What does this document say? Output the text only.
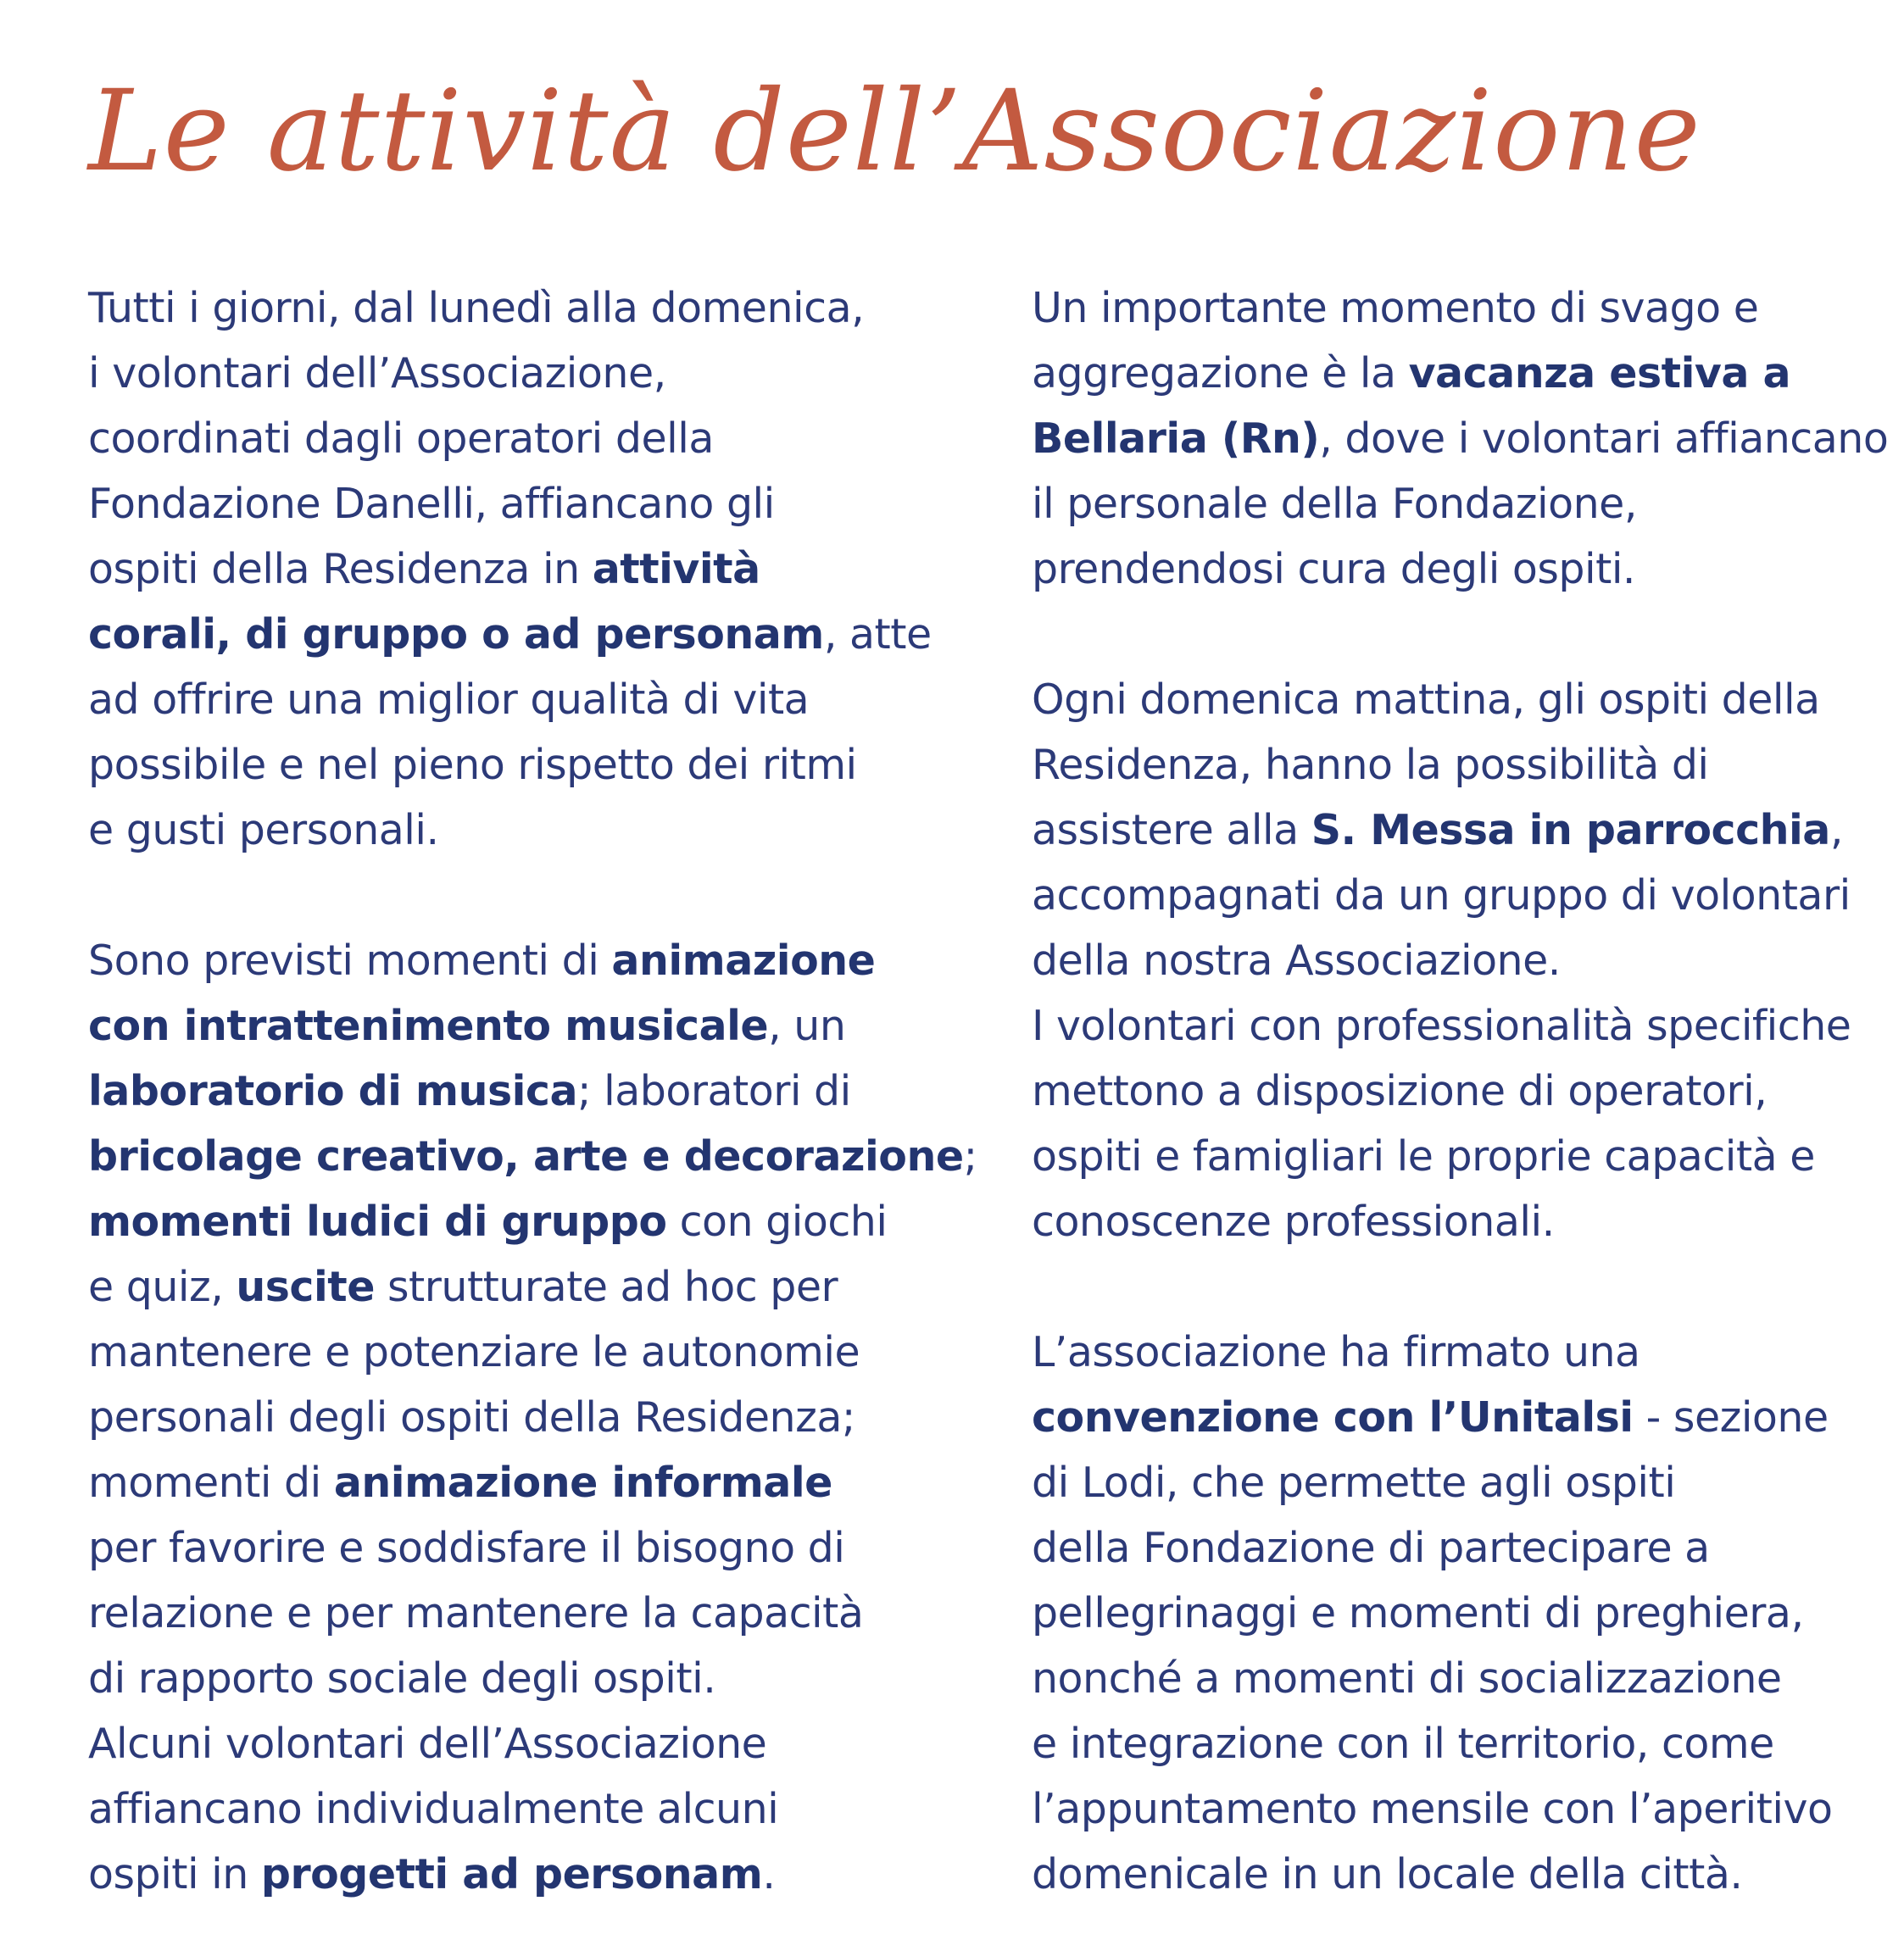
Le attività dell’Associazione

Tutti i giorni, dal lunedì alla domenica,
i volontari dell’Associazione,
coordinati dagli operatori della
Fondazione Danelli, affiancano gli
ospiti della Residenza in attività
corali, di gruppo o ad personam, atte
ad offrire una miglior qualità di vita
possibile e nel pieno rispetto dei ritmi
e gusti personali.

Sono previsti momenti di animazione
con intrattenimento musicale, un
laboratorio di musica; laboratori di
bricolage creativo, arte e decorazione;
momenti ludici di gruppo con giochi
e quiz, uscite strutturate ad hoc per
mantenere e potenziare le autonomie
personali degli ospiti della Residenza;
momenti di animazione informale
per favorire e soddisfare il bisogno di
relazione e per mantenere la capacità
di rapporto sociale degli ospiti.
Alcuni volontari dell’Associazione
affiancano individualmente alcuni
ospiti in progetti ad personam.

Un importante momento di svago e
aggregazione è la vacanza estiva a
Bellaria (Rn), dove i volontari affiancano
il personale della Fondazione,
prendendosi cura degli ospiti.

Ogni domenica mattina, gli ospiti della
Residenza, hanno la possibilità di
assistere alla S. Messa in parrocchia,
accompagnati da un gruppo di volontari
della nostra Associazione.
I volontari con professionalità specifiche
mettono a disposizione di operatori,
ospiti e famigliari le proprie capacità e
conoscenze professionali.

L’associazione ha firmato una
convenzione con l’Unitalsi - sezione
di Lodi, che permette agli ospiti
della Fondazione di partecipare a
pellegrinaggi e momenti di preghiera,
nonché a momenti di socializzazione
e integrazione con il territorio, come
l’appuntamento mensile con l’aperitivo
domenicale in un locale della città.
